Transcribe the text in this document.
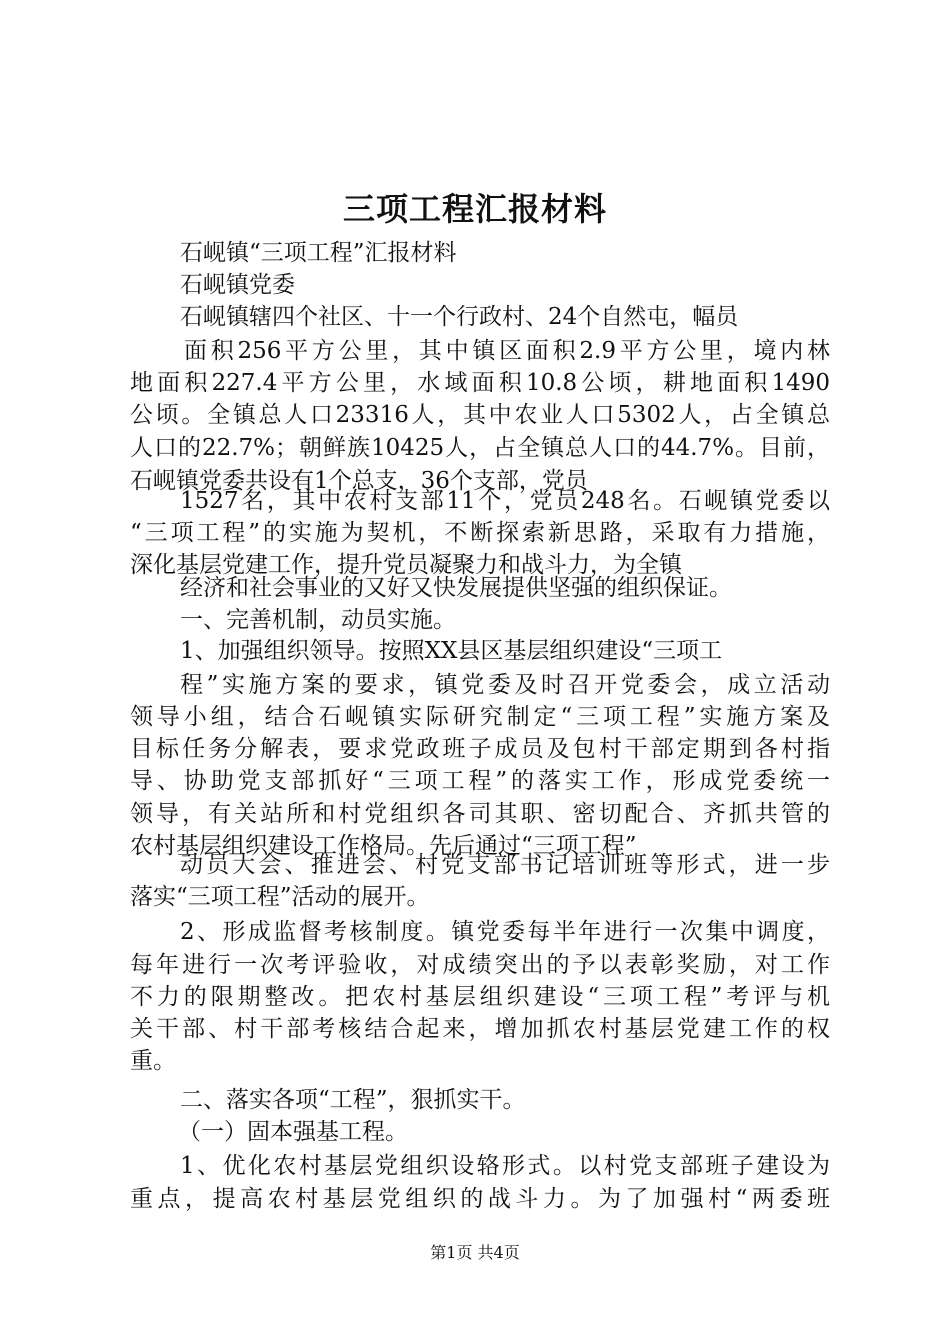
三项工程汇报材料

石岘镇“三项工程”汇报材料

石岘镇党委

石岘镇辖四个社区、十一个行政村、24个自然屯，幅员

面积256平方公里，其中镇区面积2.9平方公里，境内林

地面积227.4平方公里，水域面积10.8公顷，耕地面积1490

公顷。全镇总人口23316人，其中农业人口5302人，占全镇总

人口的22.7%；朝鲜族10425人，占全镇总人口的44.7%。目前，

石岘镇党委共设有1个总支，36个支部，党员

1527名，其中农村支部11个，党员248名。石岘镇党委以

“三项工程”的实施为契机，不断探索新思路，采取有力措施，

深化基层党建工作，提升党员凝聚力和战斗力，为全镇

经济和社会事业的又好又快发展提供坚强的组织保证。

一、完善机制，动员实施。

1、加强组织领导。按照XX县区基层组织建设“三项工

程”实施方案的要求，镇党委及时召开党委会，成立活动

领导小组，结合石岘镇实际研究制定“三项工程”实施方案及

目标任务分解表，要求党政班子成员及包村干部定期到各村指

导、协助党支部抓好“三项工程”的落实工作，形成党委统一

领导，有关站所和村党组织各司其职、密切配合、齐抓共管的

农村基层组织建设工作格局。先后通过“三项工程”

动员大会、推进会、村党支部书记培训班等形式，进一步

落实“三项工程”活动的展开。

2、形成监督考核制度。镇党委每半年进行一次集中调度，

每年进行一次考评验收，对成绩突出的予以表彰奖励，对工作

不力的限期整改。把农村基层组织建设“三项工程”考评与机

关干部、村干部考核结合起来，增加抓农村基层党建工作的权

重。

二、落实各项“工程”，狠抓实干。

（一）固本强基工程。

1、优化农村基层党组织设辂形式。以村党支部班子建设为

重点，提高农村基层党组织的战斗力。为了加强村“两委班

第1页 共4页
